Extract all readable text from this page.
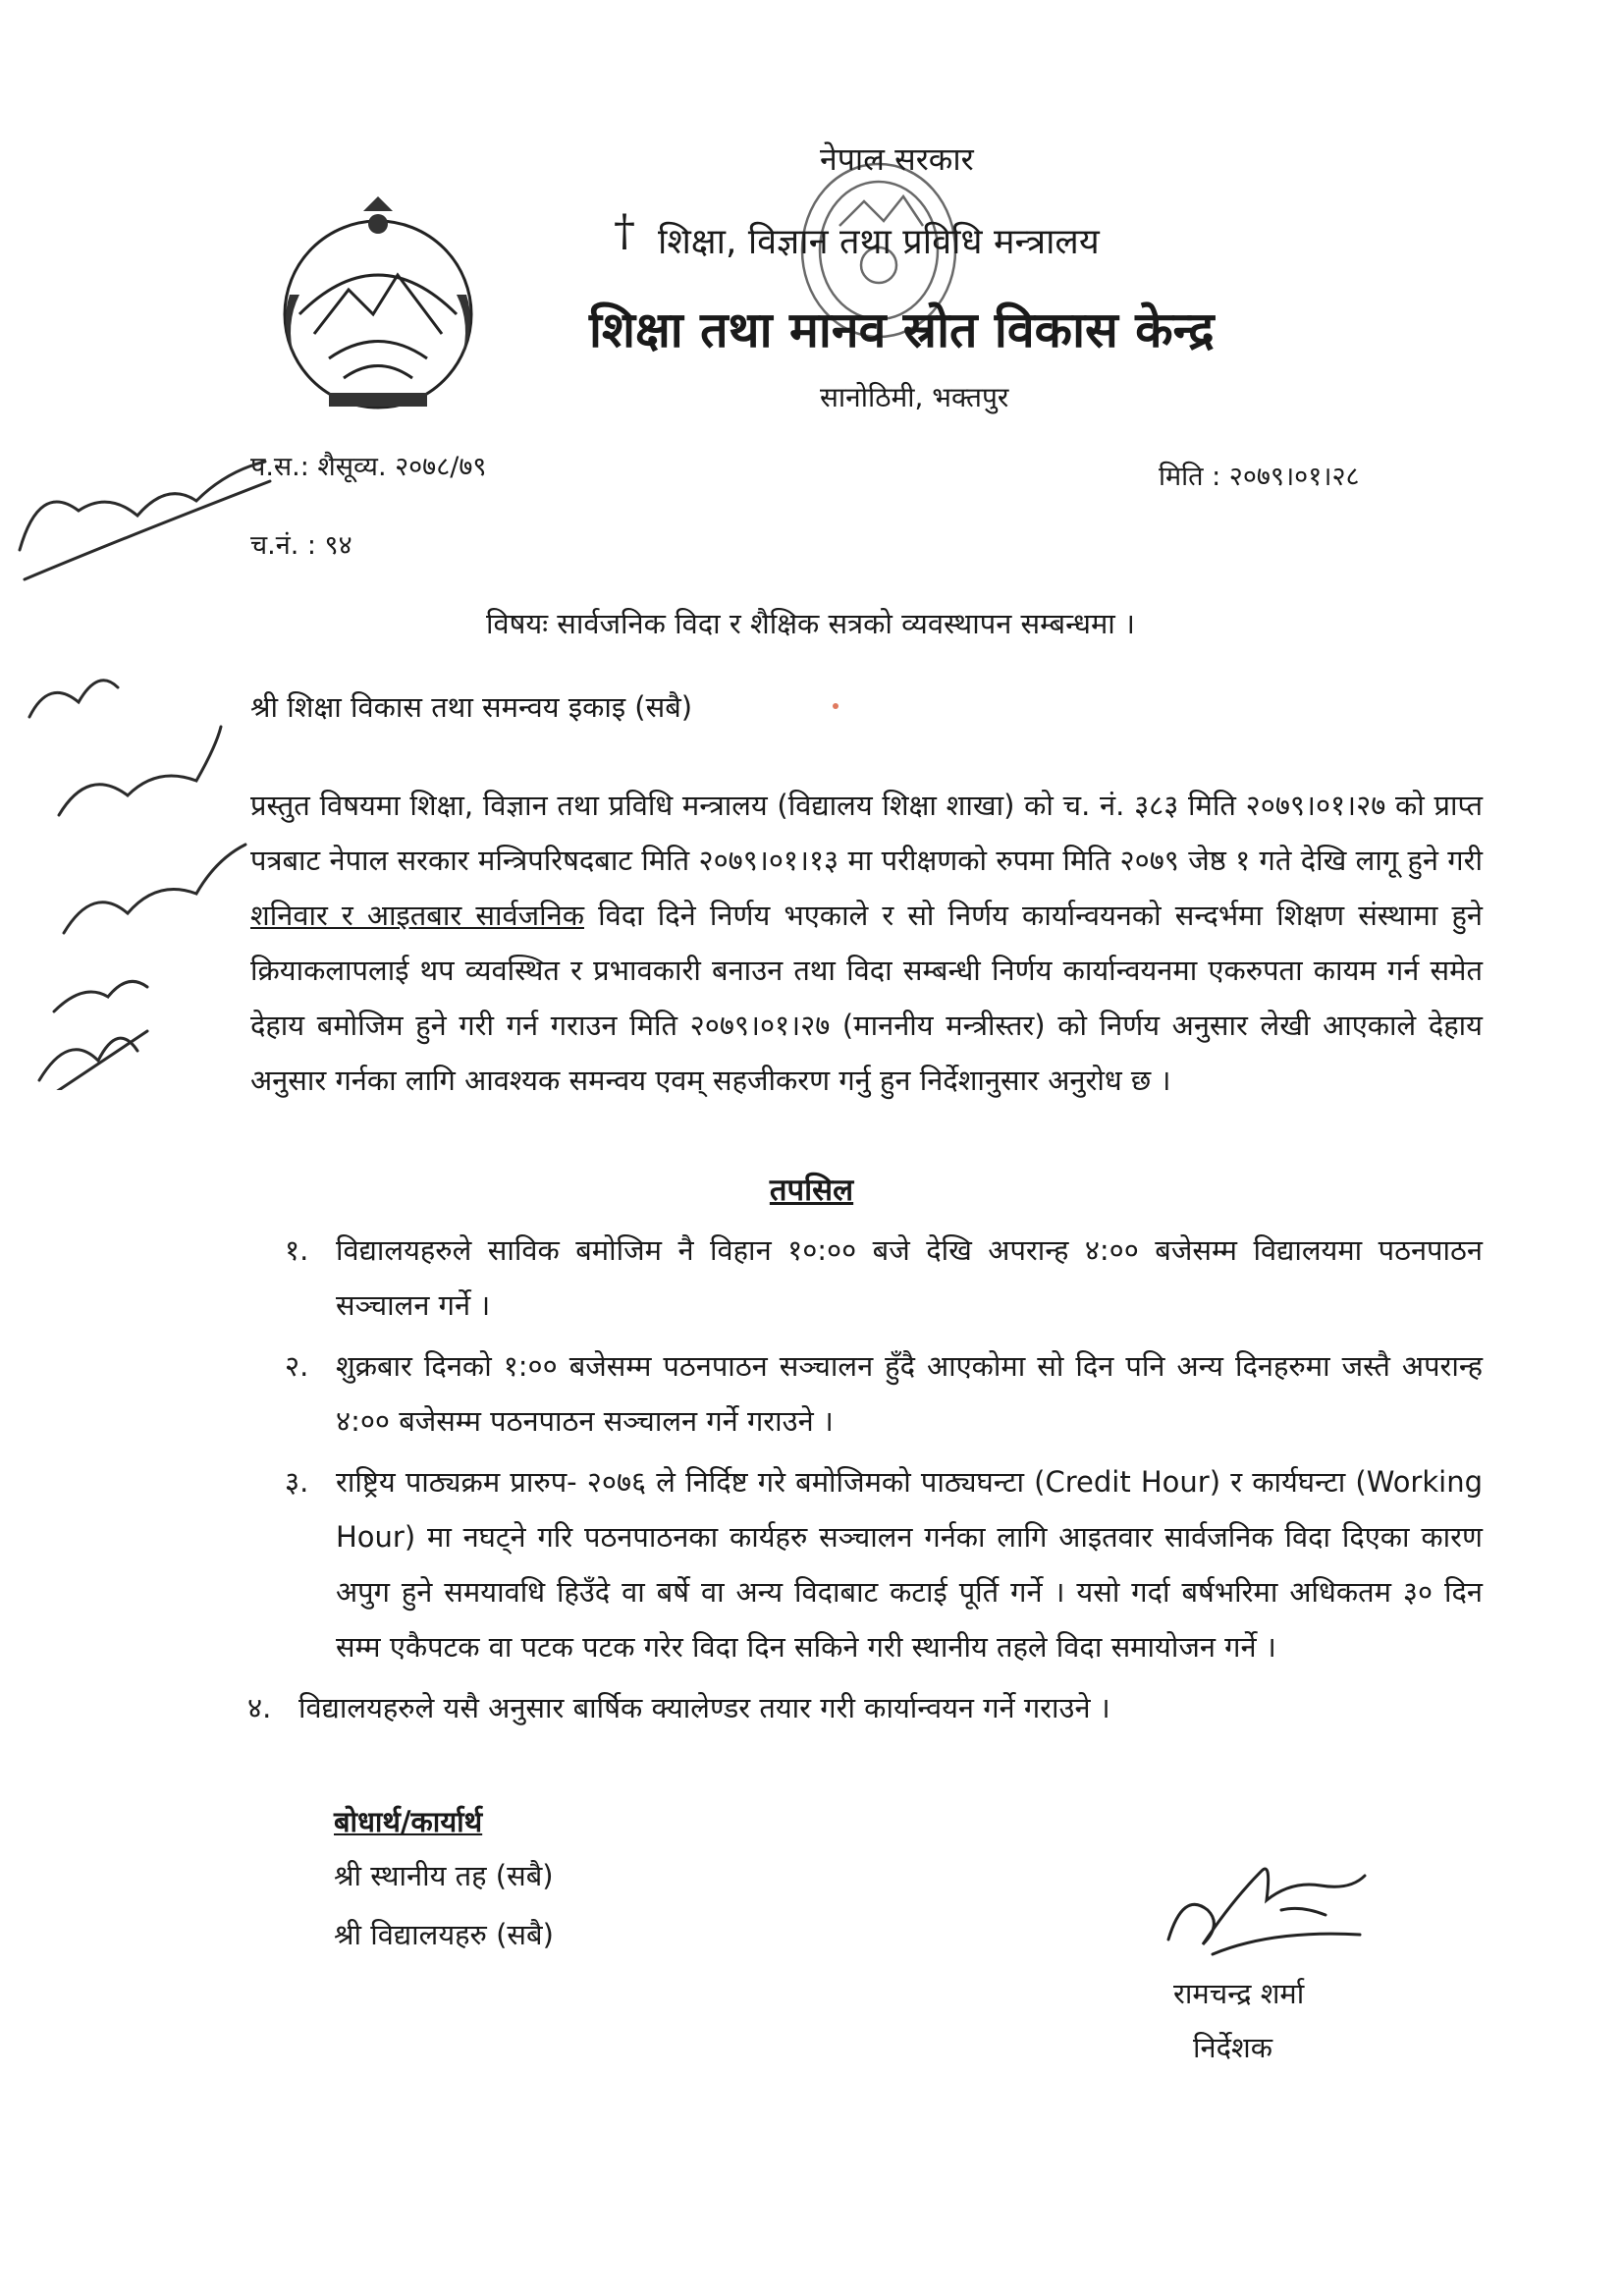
नेपाल सरकार
† शिक्षा, विज्ञान तथा प्रविधि मन्त्रालय
शिक्षा तथा मानव स्रोत विकास केन्द्र
सानोठिमी, भक्तपुर
प.स.: शैसूव्य. २०७८/७९	मिति : २०७९।०१।२८
च.नं. : ९४
विषयः सार्वजनिक विदा र शैक्षिक सत्रको व्यवस्थापन सम्बन्धमा ।
श्री शिक्षा विकास तथा समन्वय इकाइ (सबै)
प्रस्तुत विषयमा शिक्षा, विज्ञान तथा प्रविधि मन्त्रालय (विद्यालय शिक्षा शाखा) को च. नं. ३८३ मिति २०७९।०१।२७ को प्राप्त पत्रबाट नेपाल सरकार मन्त्रिपरिषदबाट मिति २०७९।०१।१३ मा परीक्षणको रुपमा मिति २०७९ जेष्ठ १ गते देखि लागू हुने गरी शनिवार र आइतबार सार्वजनिक विदा दिने निर्णय भएकाले र सो निर्णय कार्यान्वयनको सन्दर्भमा शिक्षण संस्थामा हुने क्रियाकलापलाई थप व्यवस्थित र प्रभावकारी बनाउन तथा विदा सम्बन्धी निर्णय कार्यान्वयनमा एकरुपता कायम गर्न समेत देहाय बमोजिम हुने गरी गर्न गराउन मिति २०७९।०१।२७ (माननीय मन्त्रीस्तर) को निर्णय अनुसार लेखी आएकाले देहाय अनुसार गर्नका लागि आवश्यक समन्वय एवम् सहजीकरण गर्नु हुन निर्देशानुसार अनुरोध छ ।
तपसिल
१. विद्यालयहरुले साविक बमोजिम नै विहान १०:०० बजे देखि अपरान्ह ४:०० बजेसम्म विद्यालयमा पठनपाठन सञ्चालन गर्ने ।
२. शुक्रबार दिनको १:०० बजेसम्म पठनपाठन सञ्चालन हुँदै आएकोमा सो दिन पनि अन्य दिनहरुमा जस्तै अपरान्ह ४:०० बजेसम्म पठनपाठन सञ्चालन गर्ने गराउने ।
३. राष्ट्रिय पाठ्यक्रम प्रारुप- २०७६ ले निर्दिष्ट गरे बमोजिमको पाठ्यघन्टा (Credit Hour) र कार्यघन्टा (Working Hour) मा नघट्ने गरि पठनपाठनका कार्यहरु सञ्चालन गर्नका लागि आइतवार सार्वजनिक विदा दिएका कारण अपुग हुने समयावधि हिउँदे वा बर्षे वा अन्य विदाबाट कटाई पूर्ति गर्ने । यसो गर्दा बर्षभरिमा अधिकतम ३० दिन सम्म एकैपटक वा पटक पटक गरेर विदा दिन सकिने गरी स्थानीय तहले विदा समायोजन गर्ने ।
४. विद्यालयहरुले यसै अनुसार बार्षिक क्यालेण्डर तयार गरी कार्यान्वयन गर्ने गराउने ।
बोधार्थ/कार्यार्थ
श्री स्थानीय तह (सबै)
श्री विद्यालयहरु (सबै)
रामचन्द्र शर्मा
निर्देशक
